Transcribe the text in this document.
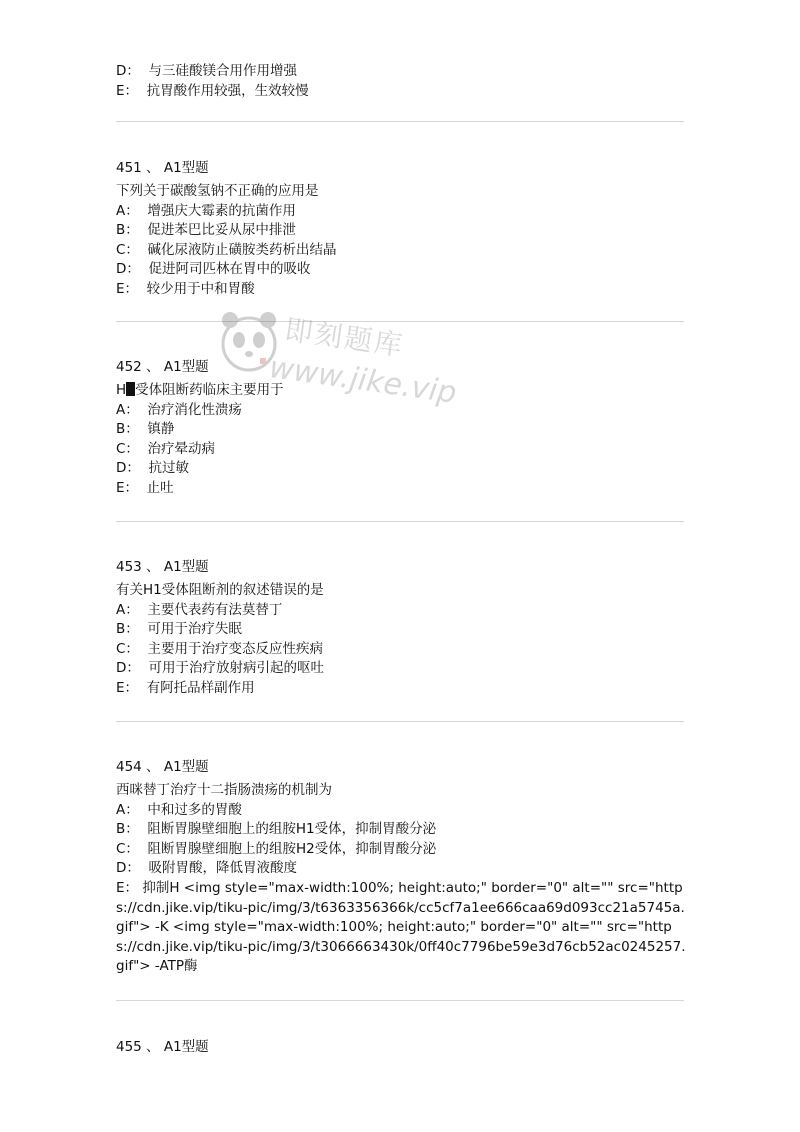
D： 与三硅酸镁合用作用增强
E： 抗胃酸作用较强，生效较慢
451 、 A1型题
下列关于碳酸氢钠不正确的应用是
A： 增强庆大霉素的抗菌作用
B： 促进苯巴比妥从尿中排泄
C： 碱化尿液防止磺胺类药析出结晶
D： 促进阿司匹林在胃中的吸收
E： 较少用于中和胃酸
452 、 A1型题
H 受体阻断药临床主要用于
A： 治疗消化性溃疡
B： 镇静
C： 治疗晕动病
D： 抗过敏
E： 止吐
453 、 A1型题
有关H1受体阻断剂的叙述错误的是
A： 主要代表药有法莫替丁
B： 可用于治疗失眠
C： 主要用于治疗变态反应性疾病
D： 可用于治疗放射病引起的呕吐
E： 有阿托品样副作用
454 、 A1型题
西咪替丁治疗十二指肠溃疡的机制为
A： 中和过多的胃酸
B： 阻断胃腺壁细胞上的组胺H1受体，抑制胃酸分泌
C： 阻断胃腺壁细胞上的组胺H2受体，抑制胃酸分泌
D： 吸附胃酸，降低胃液酸度
E： 抑制H <img style="max-width:100%; height:auto;" border="0" alt="" src="https://cdn.jike.vip/tiku-pic/img/3/t6363356366k/cc5cf7a1ee666caa69d093cc21a5745a.gif"> -K <img style="max-width:100%; height:auto;" border="0" alt="" src="https://cdn.jike.vip/tiku-pic/img/3/t3066663430k/0ff40c7796be59e3d76cb52ac0245257.gif"> -ATP酶
455 、 A1型题
即刻题库
www.jike.vip
